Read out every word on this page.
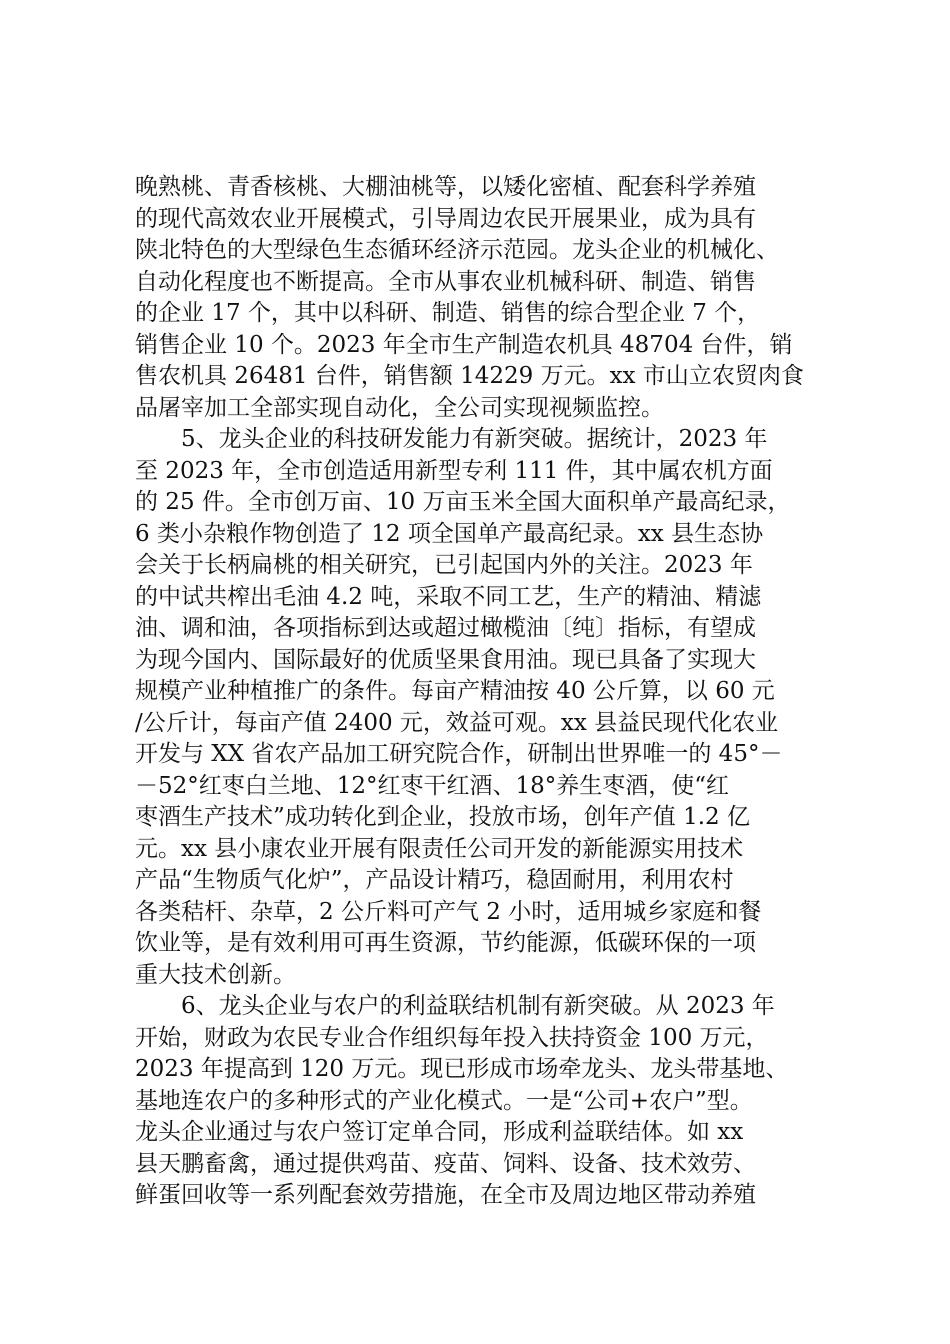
晚熟桃、青香核桃、大棚油桃等，以矮化密植、配套科学养殖
的现代高效农业开展模式，引导周边农民开展果业，成为具有
陕北特色的大型绿色生态循环经济示范园。龙头企业的机械化、
自动化程度也不断提高。全市从事农业机械科研、制造、销售
的企业 17 个，其中以科研、制造、销售的综合型企业 7 个，
销售企业 10 个。2023 年全市生产制造农机具 48704 台件，销
售农机具 26481 台件，销售额 14229 万元。xx 市山立农贸肉食
品屠宰加工全部实现自动化，全公司实现视频监控。
5、龙头企业的科技研发能力有新突破。据统计，2023 年
至 2023 年，全市创造适用新型专利 111 件，其中属农机方面
的 25 件。全市创万亩、10 万亩玉米全国大面积单产最高纪录，
6 类小杂粮作物创造了 12 项全国单产最高纪录。xx 县生态协
会关于长柄扁桃的相关研究，已引起国内外的关注。2023 年
的中试共榨出毛油 4.2 吨，采取不同工艺，生产的精油、精滤
油、调和油，各项指标到达或超过橄榄油〔纯〕指标，有望成
为现今国内、国际最好的优质坚果食用油。现已具备了实现大
规模产业种植推广的条件。每亩产精油按 40 公斤算，以 60 元
/公斤计，每亩产值 2400 元，效益可观。xx 县益民现代化农业
开发与 XX 省农产品加工研究院合作，研制出世界唯一的 45°－
－52°红枣白兰地、12°红枣干红酒、18°养生枣酒，使“红
枣酒生产技术”成功转化到企业，投放市场，创年产值 1.2 亿
元。xx 县小康农业开展有限责任公司开发的新能源实用技术
产品“生物质气化炉”，产品设计精巧，稳固耐用，利用农村
各类秸杆、杂草，2 公斤料可产气 2 小时，适用城乡家庭和餐
饮业等，是有效利用可再生资源，节约能源，低碳环保的一项
重大技术创新。
6、龙头企业与农户的利益联结机制有新突破。从 2023 年
开始，财政为农民专业合作组织每年投入扶持资金 100 万元，
2023 年提高到 120 万元。现已形成市场牵龙头、龙头带基地、
基地连农户的多种形式的产业化模式。一是“公司+农户”型。
龙头企业通过与农户签订定单合同，形成利益联结体。如 xx
县天鹏畜禽，通过提供鸡苗、疫苗、饲料、设备、技术效劳、
鲜蛋回收等一系列配套效劳措施，在全市及周边地区带动养殖
